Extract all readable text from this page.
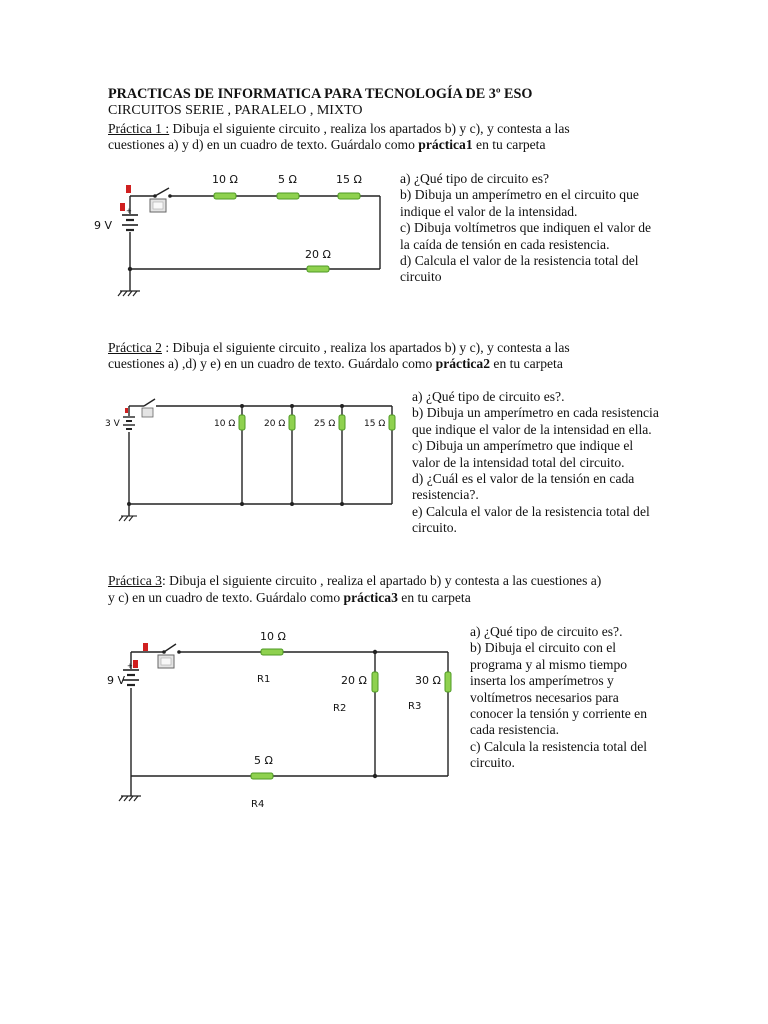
PRACTICAS DE INFORMATICA PARA TECNOLOGÍA DE 3º ESO
CIRCUITOS SERIE , PARALELO , MIXTO
Práctica 1 : Dibuja el siguiente circuito , realiza los apartados b) y c), y contesta a las
cuestiones a) y d) en un cuadro de texto. Guárdalo como práctica1 en tu carpeta
+
9 V
10 Ω	5 Ω	15 Ω
20 Ω
a) ¿Qué tipo de circuito es?
b) Dibuja un amperímetro en el circuito que
indique el valor de la intensidad.
c) Dibuja voltímetros que indiquen el valor de
la caída de tensión en cada resistencia.
d) Calcula el valor de la resistencia total del
circuito
Práctica 2 : Dibuja el siguiente circuito , realiza los apartados b) y c), y contesta a las
cuestiones a) ,d) y e) en un cuadro de texto. Guárdalo como práctica2 en tu carpeta
3 V	10 Ω	20 Ω	25 Ω	15 Ω
a) ¿Qué tipo de circuito es?.
b) Dibuja un amperímetro en cada resistencia
que indique el valor de la intensidad en ella.
c) Dibuja un amperímetro que indique el
valor de la intensidad total del circuito.
d) ¿Cuál es el valor de la tensión en cada
resistencia?.
e) Calcula el valor de la resistencia total del
circuito.
Práctica 3: Dibuja el siguiente circuito , realiza el apartado b) y contesta a las cuestiones a)
y c) en un cuadro de texto. Guárdalo como práctica3 en tu carpeta
+
9 V
10 Ω
R1	20 Ω
R2
30 Ω
R3
5 Ω
R4
a) ¿Qué tipo de circuito es?.
b) Dibuja el circuito con el
programa y al mismo tiempo
inserta los amperímetros y
voltímetros necesarios para
conocer la tensión y corriente en
cada resistencia.
c) Calcula la resistencia total del
circuito.
